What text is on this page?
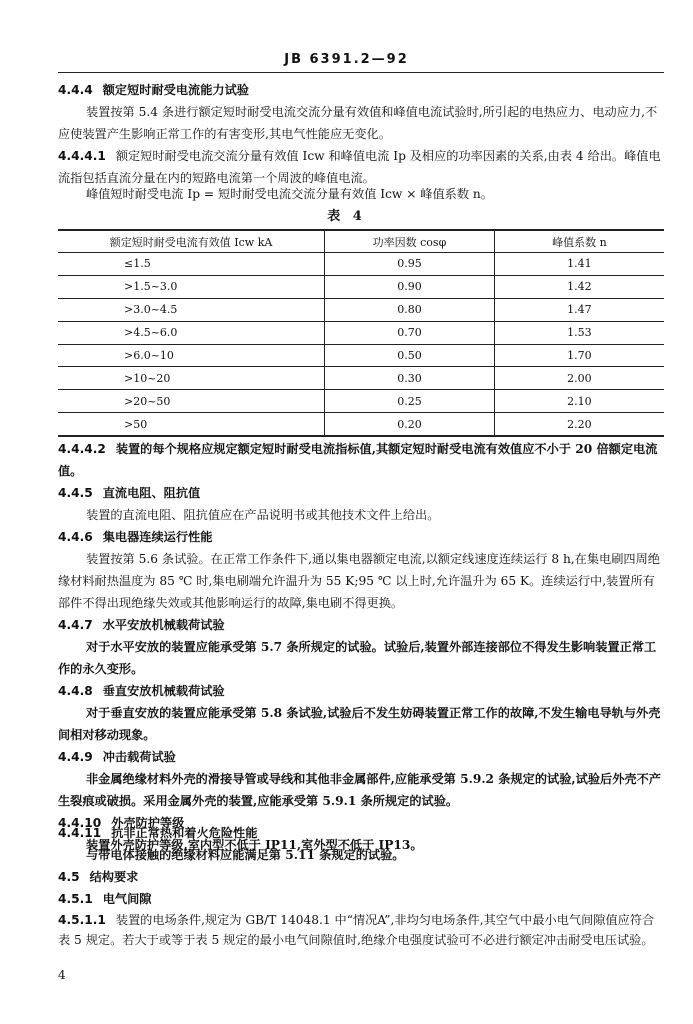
JB 6391.2—92
4.4.4 额定短时耐受电流能力试验
装置按第 5.4 条进行额定短时耐受电流交流分量有效值和峰值电流试验时,所引起的电热应力、电动应力,不应使装置产生影响正常工作的有害变形,其电气性能应无变化。
4.4.4.1 额定短时耐受电流交流分量有效值 Icw 和峰值电流 Ip 及相应的功率因素的关系,由表 4 给出。峰值电流指包括直流分量在内的短路电流第一个周波的峰值电流。
峰值短时耐受电流 Ip = 短时耐受电流交流分量有效值 Icw × 峰值系数 n。
表 4
额定短时耐受电流有效值 Icw kA	功率因数 cosφ	峰值系数 n
≤1.5	0.95	1.41
>1.5~3.0	0.90	1.42
>3.0~4.5	0.80	1.47
>4.5~6.0	0.70	1.53
>6.0~10	0.50	1.70
>10~20	0.30	2.00
>20~50	0.25	2.10
>50	0.20	2.20
4.4.4.2 装置的每个规格应规定额定短时耐受电流指标值,其额定短时耐受电流有效值应不小于 20 倍额定电流值。
4.4.5 直流电阻、阻抗值
装置的直流电阻、阻抗值应在产品说明书或其他技术文件上给出。
4.4.6 集电器连续运行性能
装置按第 5.6 条试验。在正常工作条件下,通以集电器额定电流,以额定线速度连续运行 8 h,在集电刷四周绝缘材料耐热温度为 85 ℃ 时,集电刷端允许温升为 55 K;95 ℃ 以上时,允许温升为 65 K。连续运行中,装置所有部件不得出现绝缘失效或其他影响运行的故障,集电刷不得更换。
4.4.7 水平安放机械载荷试验
对于水平安放的装置应能承受第 5.7 条所规定的试验。试验后,装置外部连接部位不得发生影响装置正常工作的永久变形。
4.4.8 垂直安放机械载荷试验
对于垂直安放的装置应能承受第 5.8 条试验,试验后不发生妨碍装置正常工作的故障,不发生输电导轨与外壳间相对移动现象。
4.4.9 冲击载荷试验
非金属绝缘材料外壳的滑接导管或导线和其他非金属部件,应能承受第 5.9.2 条规定的试验,试验后外壳不产生裂痕或破损。采用金属外壳的装置,应能承受第 5.9.1 条所规定的试验。
4.4.10 外壳防护等级
装置外壳防护等级,室内型不低于 IP11,室外型不低于 IP13。
4.4.11 抗非正常热和着火危险性能
与带电体接触的绝缘材料应能满足第 5.11 条规定的试验。
4.5 结构要求
4.5.1 电气间隙
4
4.5.1.1 装置的电场条件,规定为 GB/T 14048.1 中“情况A”,非均匀电场条件,其空气中最小电气间隙值应符合表 5 规定。若大于或等于表 5 规定的最小电气间隙值时,绝缘介电强度试验可不必进行额定冲击耐受电压试验。
